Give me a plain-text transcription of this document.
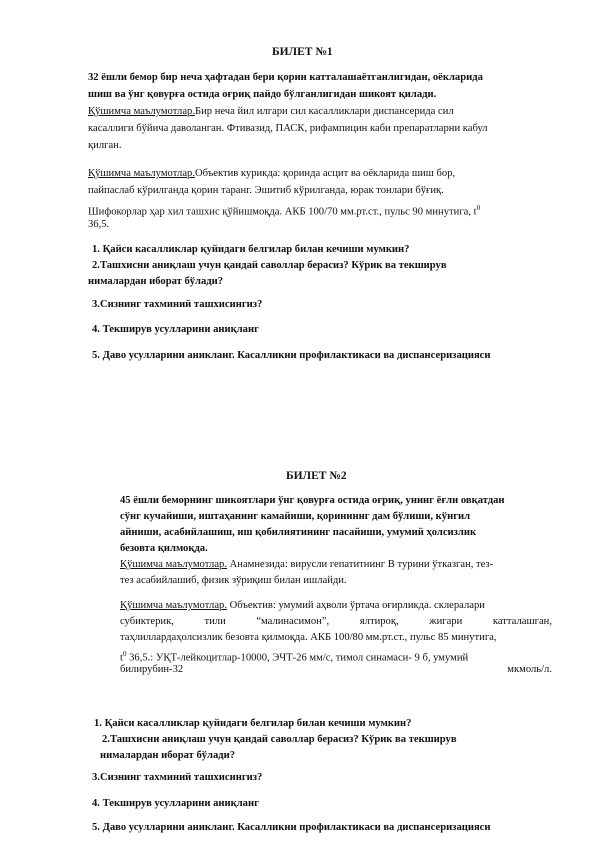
БИЛЕТ №1
32 ёшли бемор бир неча ҳафтадан бери қорин катталашаётганлигидан, оёкларида
шиш ва ўнг қовурға остида оғриқ пайдо бўлганлигидан шикоят қилади.
Қўшимча маълумотлар.Бир неча йил илгари сил касалликлари диспансерида сил
касаллиги бўйича даволанган. Фтивазид, ПАСК, рифампицин каби препаратларни кабул
қилган.
Қўшимча маълумотлар.Объектив курикда: қоринда асцит ва оёкларида шиш бор,
пайпаслаб кўрилганда қорин таранг. Эшитиб кўрилганда, юрак тонлари бўғиқ.
Шифокорлар ҳар хил ташхис қўйишмоқда. АКБ 100/70 мм.рт.ст., пульс 90 минутига, $t^0$
36,5.
1. Қайси касалликлар қуйидаги белгилар билан кечиши мумкин?
2.Ташхисни аниқлаш учун қандай саволлар берасиз? Кўрик ва текширув
нималардан иборат бўлади?
3.Сизнинг тахминий ташхисингиз?
4. Текширув усулларини аниқланг
5. Даво усулларини аникланг. Касалликни профилактикаси ва диспансеризацияси
БИЛЕТ №2
45 ёшли беморнинг шикоятлари ўнг қовурға остида оғриқ, унинг ёғли овқатдан
сўнг кучайиши, иштаҳанинг камайиши, қорининнг дам бўлиши, кўнгил
айниши, асабийлашиш, иш қобилиятининг пасайиши, умумий ҳолсизлик
безовта қилмоқда.
Қўшимча маълумотлар. Анамнезида: вирусли гепатитнинг В турини ўтказган, тез-
тез асабийлашиб, физик зўриқиш билан ишлайди.
Қўшимча маълумотлар. Объектив: умумий аҳволи ўртача оғирликда. склералари
субиктерик,	тили	“малинасимон”,	ялтироқ,	жигари	катталашган,
таҳлиллардаҳолсизлик безовта қилмоқда. АКБ 100/80 мм.рт.ст., пульс 85 минутига,
$t^0$ 36,5.: УҚТ-лейкоцитлар-10000, ЭЧТ-26 мм/с, тимол синамаси- 9 б, умумий
билирубин-32	мкмоль/л.
1. Қайси касалликлар қуйидаги белгилар билан кечиши мумкин?
2.Ташхисни аниқлаш учун қандай саволлар берасиз? Кўрик ва текширув
нималардан иборат бўлади?
3.Сизнинг тахминий ташхисингиз?
4. Текширув усулларини аниқланг
5. Даво усулларини аникланг. Касалликни профилактикаси ва диспансеризацияси
